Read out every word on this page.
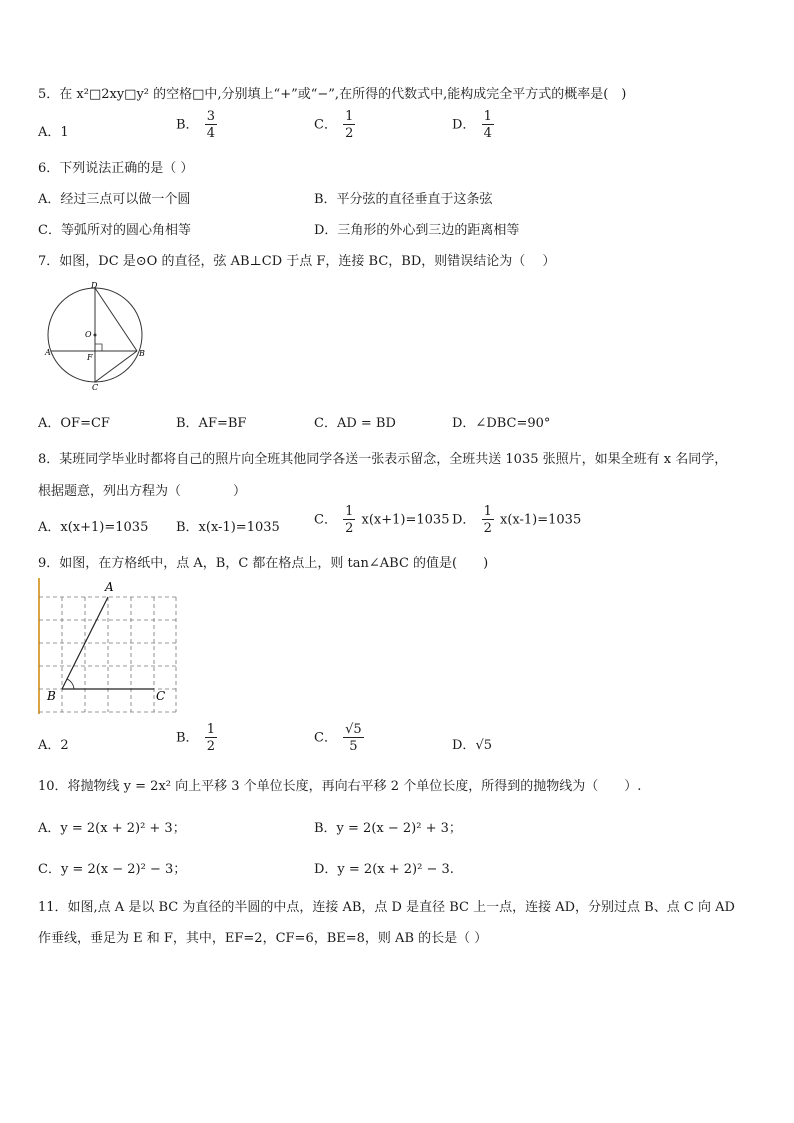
5．在 x²□2xy□y² 的空格□中,分别填上“+”或“−”,在所得的代数式中,能构成完全平方式的概率是(　)
A．1	B． $\frac{3}{4}$	C． $\frac{1}{2}$	D． $\frac{1}{4}$
6．下列说法正确的是（ ）
A．经过三点可以做一个圆	B．平分弦的直径垂直于这条弦
C．等弧所对的圆心角相等	D．三角形的外心到三边的距离相等
7．如图，DC 是⊙O 的直径，弦 AB⊥CD 于点 F，连接 BC，BD，则错误结论为（　 ）
D
O
A
F	B
C
A．OF=CF	B．AF=BF	C．AD = BD	D．∠DBC=90°
8．某班同学毕业时都将自己的照片向全班其他同学各送一张表示留念，全班共送 1035 张照片，如果全班有 x 名同学，
根据题意，列出方程为（　　　　）
A．x(x+1)=1035 B．x(x-1)=1035	C． $\frac{1}{2} x(x+1)=1035$ D． $\frac{1}{2} x(x-1)=1035$
9．如图，在方格纸中，点 A，B，C 都在格点上，则 tan∠ABC 的值是(　　)
A
B	C
A．2	B． $\frac{1}{2}$	C． $\frac{√5}{5}$	D．√5
10．将抛物线 y = 2x² 向上平移 3 个单位长度，再向右平移 2 个单位长度，所得到的抛物线为（　　）.
A．y = 2(x + 2)² + 3；	B．y = 2(x − 2)² + 3；
C．y = 2(x − 2)² − 3；	D．y = 2(x + 2)² − 3.
11．如图,点 A 是以 BC 为直径的半圆的中点，连接 AB，点 D 是直径 BC 上一点，连接 AD，分别过点 B、点 C 向 AD
作垂线，垂足为 E 和 F，其中，EF=2，CF=6，BE=8，则 AB 的长是（ ）
